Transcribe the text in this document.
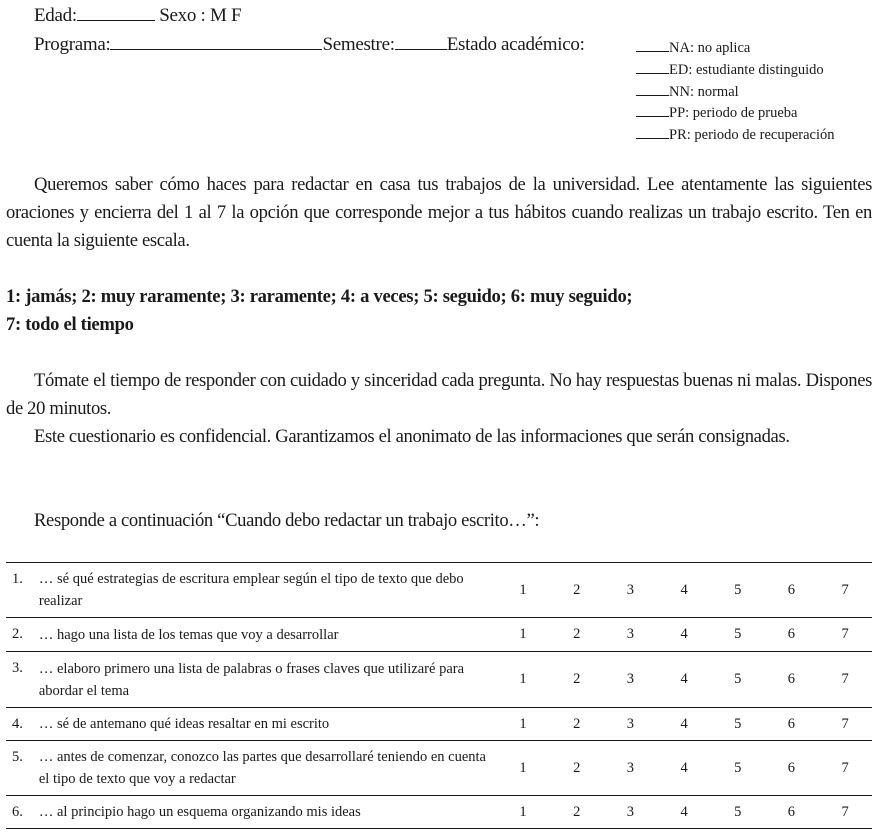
Edad:	Sexo : M F
Programa:	Semestre:	Estado académico:	NA: no aplica
ED: estudiante distinguido
NN: normal
PP: periodo de prueba
PR: periodo de recuperación
Queremos saber cómo haces para redactar en casa tus trabajos de la universidad. Lee atentamente las siguientes oraciones y encierra del 1 al 7 la opción que corresponde mejor a tus hábitos cuando realizas un trabajo escrito. Ten en cuenta la siguiente escala.
1: jamás; 2: muy raramente; 3: raramente; 4: a veces; 5: seguido; 6: muy seguido;
7: todo el tiempo
Tómate el tiempo de responder con cuidado y sinceridad cada pregunta. No hay respuestas buenas ni malas. Dispones de 20 minutos.
Este cuestionario es confidencial. Garantizamos el anonimato de las informaciones que serán consignadas.
Responde a continuación “Cuando debo redactar un trabajo escrito…”:
1.	… sé qué estrategias de escritura emplear según el tipo de texto que debo realizar	1	2	3	4	5	6	7
2.	… hago una lista de los temas que voy a desarrollar	1	2	3	4	5	6	7
3.	… elaboro primero una lista de palabras o frases claves que utilizaré para abordar el tema	1	2	3	4	5	6	7
4.	… sé de antemano qué ideas resaltar en mi escrito	1	2	3	4	5	6	7
5.	… antes de comenzar, conozco las partes que desarrollaré teniendo en cuenta el tipo de texto que voy a redactar	1	2	3	4	5	6	7
6.	… al principio hago un esquema organizando mis ideas	1	2	3	4	5	6	7
